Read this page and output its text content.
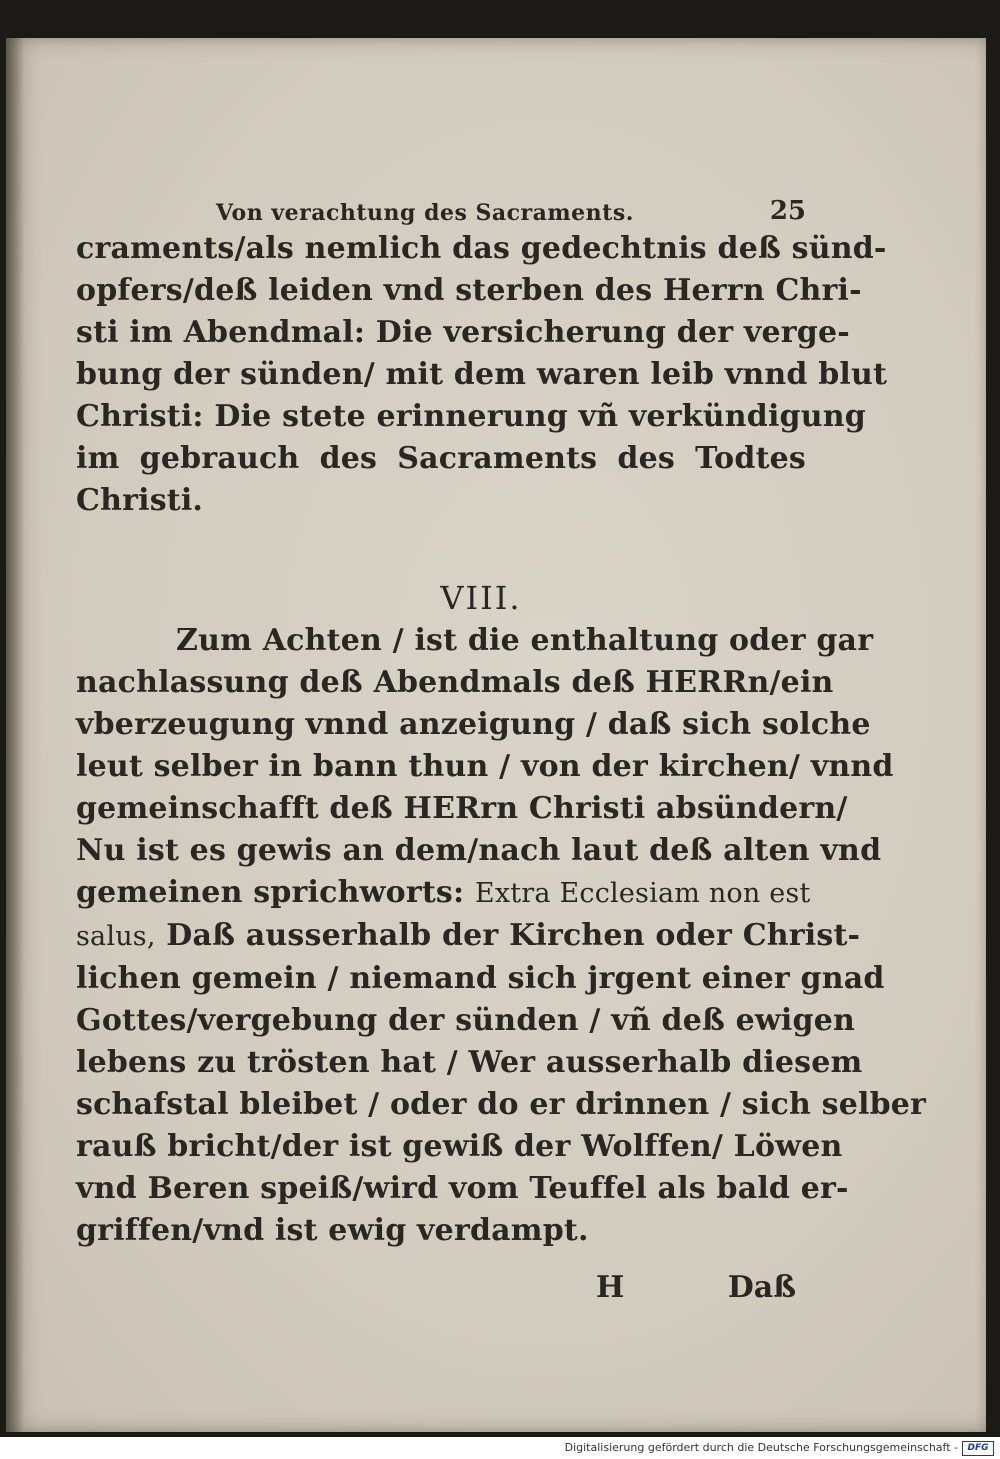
Von verachtung des Sacraments.	25
craments/als nemlich das gedechtnis deß sünd-
opfers/deß leiden vnd sterben des Herrn Chri-
sti im Abendmal: Die versicherung der verge-
bung der sünden/ mit dem waren leib vnnd blut
Christi: Die stete erinnerung vñ verkündigung
im gebrauch des Sacraments des Todtes
Christi.
VIII.
Zum Achten / ist die enthaltung oder gar
nachlassung deß Abendmals deß HERRn/ein
vberzeugung vnnd anzeigung / daß sich solche
leut selber in bann thun / von der kirchen/ vnnd
gemeinschafft deß HERrn Christi absündern/
Nu ist es gewis an dem/nach laut deß alten vnd
gemeinen sprichworts: Extra Ecclesiam non est
salus, Daß ausserhalb der Kirchen oder Christ-
lichen gemein / niemand sich jrgent einer gnad
Gottes/vergebung der sünden / vñ deß ewigen
lebens zu trösten hat / Wer ausserhalb diesem
schafstal bleibet / oder do er drinnen / sich selber
rauß bricht/der ist gewiß der Wolffen/ Löwen
vnd Beren speiß/wird vom Teuffel als bald er-
griffen/vnd ist ewig verdampt.
H	Daß
Digitalisierung gefördert durch die Deutsche Forschungsgemeinschaft -	DFG
